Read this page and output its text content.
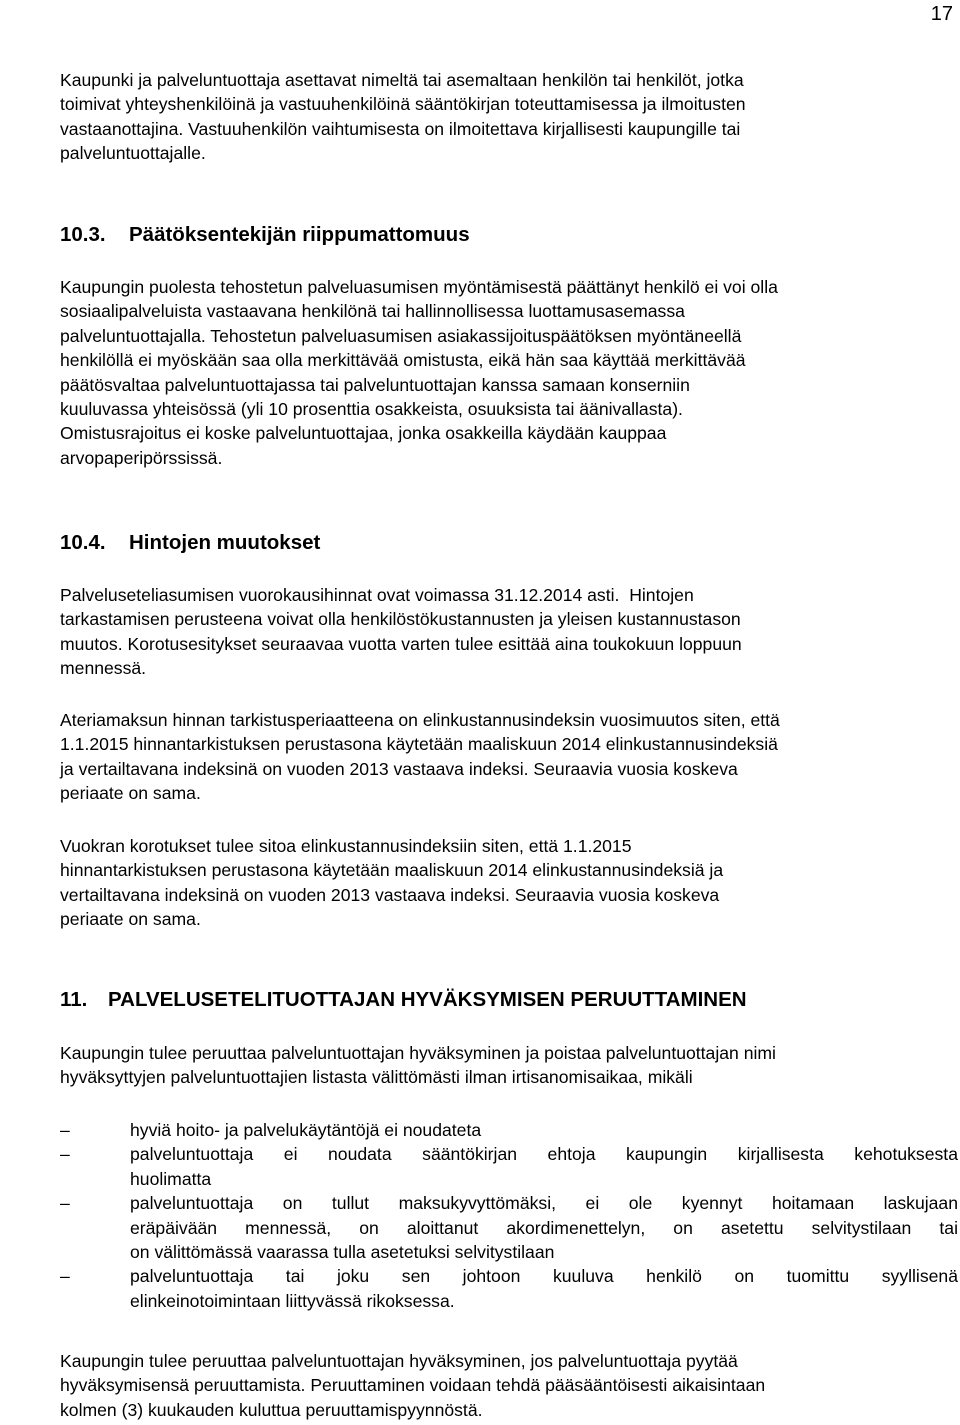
17
Kaupunki ja palveluntuottaja asettavat nimeltä tai asemaltaan henkilön tai henkilöt, jotka
toimivat yhteyshenkilöinä ja vastuuhenkilöinä sääntökirjan toteuttamisessa ja ilmoitusten
vastaanottajina. Vastuuhenkilön vaihtumisesta on ilmoitettava kirjallisesti kaupungille tai
palveluntuottajalle.
10.3. Päätöksentekijän riippumattomuus
Kaupungin puolesta tehostetun palveluasumisen myöntämisestä päättänyt henkilö ei voi olla
sosiaalipalveluista vastaavana henkilönä tai hallinnollisessa luottamusasemassa
palveluntuottajalla. Tehostetun palveluasumisen asiakassijoituspäätöksen myöntäneellä
henkilöllä ei myöskään saa olla merkittävää omistusta, eikä hän saa käyttää merkittävää
päätösvaltaa palveluntuottajassa tai palveluntuottajan kanssa samaan konserniin
kuuluvassa yhteisössä (yli 10 prosenttia osakkeista, osuuksista tai äänivallasta).
Omistusrajoitus ei koske palveluntuottajaa, jonka osakkeilla käydään kauppaa
arvopaperipörssissä.
10.4. Hintojen muutokset
Palveluseteliasumisen vuorokausihinnat ovat voimassa 31.12.2014 asti.  Hintojen
tarkastamisen perusteena voivat olla henkilöstökustannusten ja yleisen kustannustason
muutos. Korotusesitykset seuraavaa vuotta varten tulee esittää aina toukokuun loppuun
mennessä.
Ateriamaksun hinnan tarkistusperiaatteena on elinkustannusindeksin vuosimuutos siten, että
1.1.2015 hinnantarkistuksen perustasona käytetään maaliskuun 2014 elinkustannusindeksiä
ja vertailtavana indeksinä on vuoden 2013 vastaava indeksi. Seuraavia vuosia koskeva
periaate on sama.
Vuokran korotukset tulee sitoa elinkustannusindeksiin siten, että 1.1.2015
hinnantarkistuksen perustasona käytetään maaliskuun 2014 elinkustannusindeksiä ja
vertailtavana indeksinä on vuoden 2013 vastaava indeksi. Seuraavia vuosia koskeva
periaate on sama.
11. PALVELUSETELITUOTTAJAN HYVÄKSYMISEN PERUUTTAMINEN
Kaupungin tulee peruuttaa palveluntuottajan hyväksyminen ja poistaa palveluntuottajan nimi
hyväksyttyjen palveluntuottajien listasta välittömästi ilman irtisanomisaikaa, mikäli
–	hyviä hoito- ja palvelukäytäntöjä ei noudateta
–	palveluntuottaja ei noudata sääntökirjan ehtoja kaupungin kirjallisesta kehotuksesta
huolimatta
–	palveluntuottaja on tullut maksukyvyttömäksi, ei ole kyennyt hoitamaan laskujaan
eräpäivään mennessä, on aloittanut akordimenettelyn, on asetettu selvitystilaan tai
on välittömässä vaarassa tulla asetetuksi selvitystilaan
–	palveluntuottaja tai joku sen johtoon kuuluva henkilö on tuomittu syyllisenä
elinkeinotoimintaan liittyvässä rikoksessa.
Kaupungin tulee peruuttaa palveluntuottajan hyväksyminen, jos palveluntuottaja pyytää
hyväksymisensä peruuttamista. Peruuttaminen voidaan tehdä pääsääntöisesti aikaisintaan
kolmen (3) kuukauden kuluttua peruuttamispyynnöstä.
